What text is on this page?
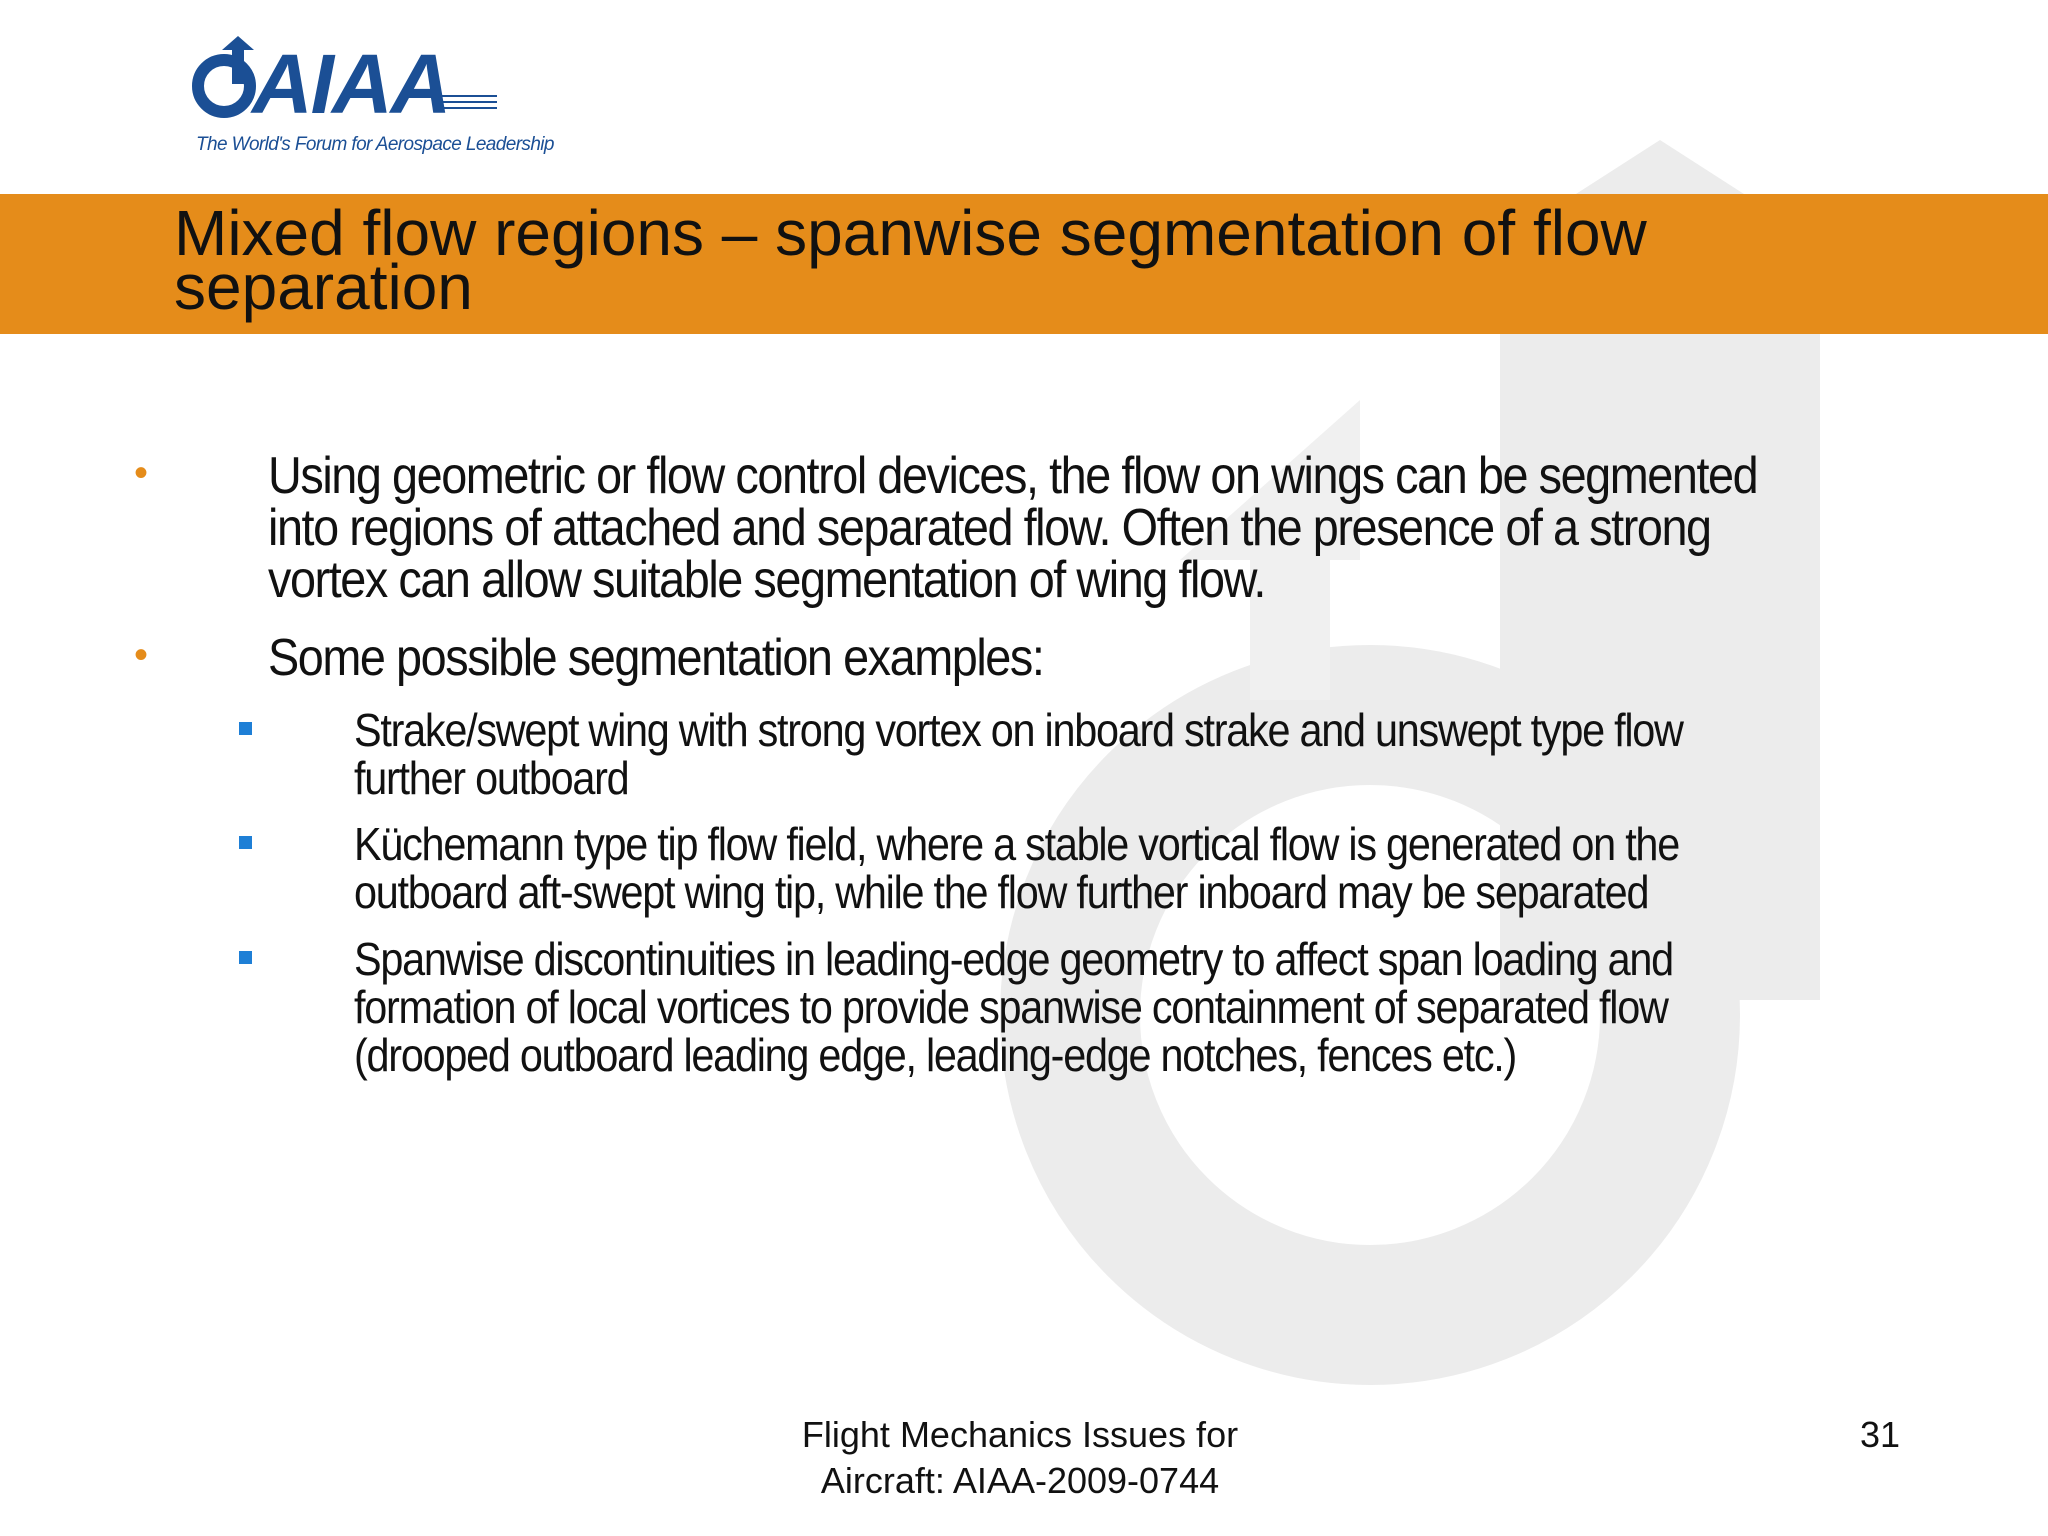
AIAA
The World's Forum for Aerospace Leadership
Mixed flow regions – spanwise segmentation of flow
separation
• Using geometric or flow control devices, the flow on wings can be segmented
into regions of attached and separated flow. Often the presence of a strong
vortex can allow suitable segmentation of wing flow.
• Some possible segmentation examples:
Strake/swept wing with strong vortex on inboard strake and unswept type flow
further outboard
Küchemann type tip flow field, where a stable vortical flow is generated on the
outboard aft-swept wing tip, while the flow further inboard may be separated
Spanwise discontinuities in leading-edge geometry to affect span loading and
formation of local vortices to provide spanwise containment of separated flow
(drooped outboard leading edge, leading-edge notches, fences etc.)
Flight Mechanics Issues for
Aircraft: AIAA-2009-0744
31
